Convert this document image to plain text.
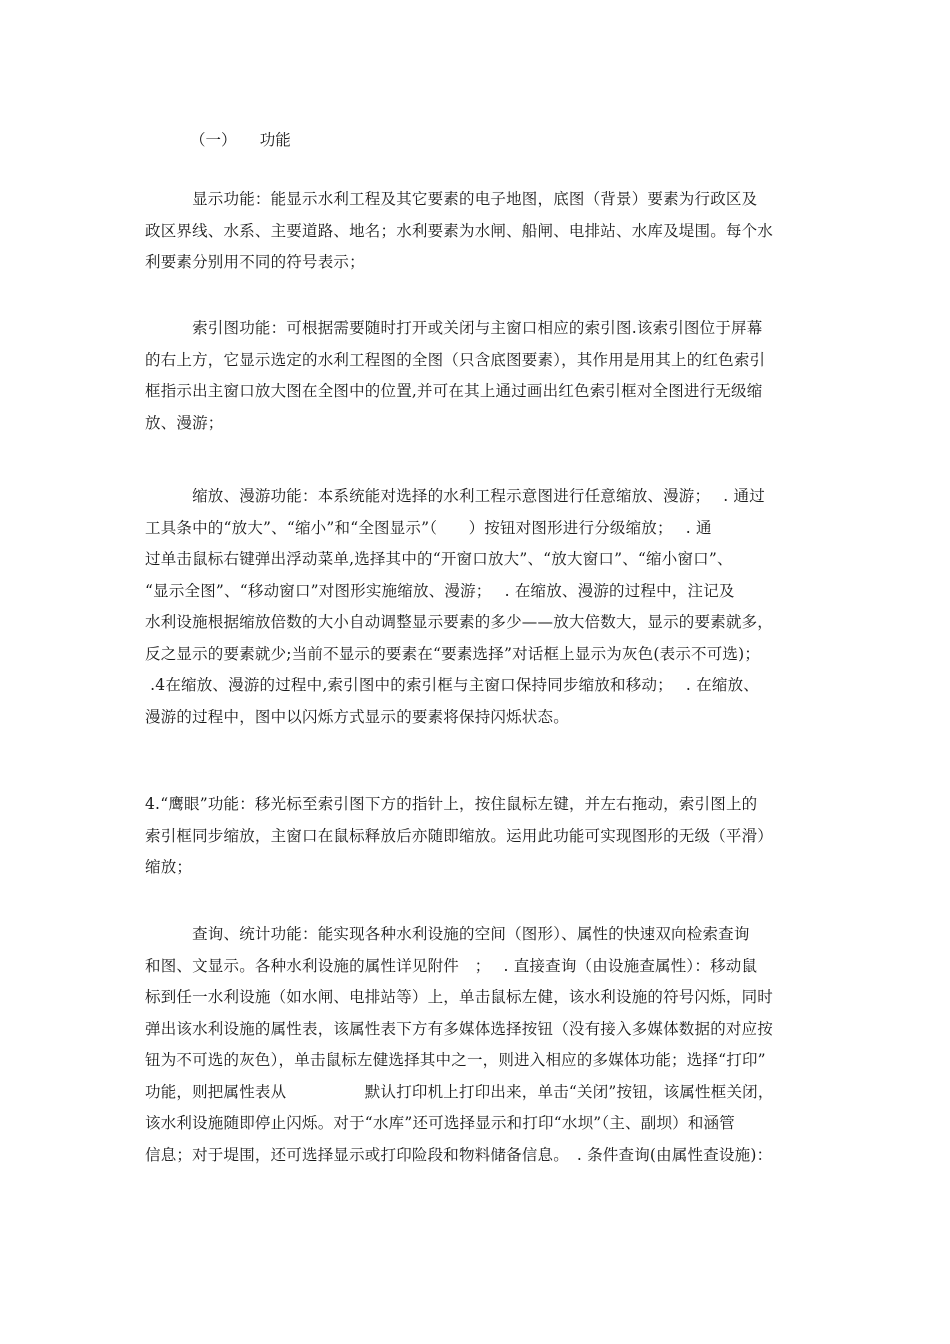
（一）　　功能
　　　显示功能：能显示水利工程及其它要素的电子地图，底图（背景）要素为行政区及
政区界线、水系、主要道路、地名；水利要素为水闸、船闸、电排站、水库及堤围。每个水
利要素分别用不同的符号表示；
　　　索引图功能：可根据需要随时打开或关闭与主窗口相应的索引图.该索引图位于屏幕
的右上方，它显示选定的水利工程图的全图（只含底图要素），其作用是用其上的红色索引
框指示出主窗口放大图在全图中的位置,并可在其上通过画出红色索引框对全图进行无级缩
放、漫游；
　　　缩放、漫游功能：本系统能对选择的水利工程示意图进行任意缩放、漫游；　 . 通过
工具条中的“放大”、“缩小”和“全图显示”（　　）按钮对图形进行分级缩放；　 . 通
过单击鼠标右键弹出浮动菜单,选择其中的“开窗口放大”、“放大窗口”、“缩小窗口”、
“显示全图”、“移动窗口”对图形实施缩放、漫游；　 . 在缩放、漫游的过程中，注记及
水利设施根据缩放倍数的大小自动调整显示要素的多少——放大倍数大，显示的要素就多，
反之显示的要素就少;当前不显示的要素在“要素选择”对话框上显示为灰色(表示不可选)；
.4在缩放、漫游的过程中,索引图中的索引框与主窗口保持同步缩放和移动；　 . 在缩放、
漫游的过程中，图中以闪烁方式显示的要素将保持闪烁状态。
4.“鹰眼”功能：移光标至索引图下方的指针上，按住鼠标左键，并左右拖动，索引图上的
索引框同步缩放，主窗口在鼠标释放后亦随即缩放。运用此功能可实现图形的无级（平滑）
缩放；
　　　查询、统计功能：能实现各种水利设施的空间（图形）、属性的快速双向检索查询
和图、文显示。各种水利设施的属性详见附件　；　 . 直接查询（由设施查属性）：移动鼠
标到任一水利设施（如水闸、电排站等）上，单击鼠标左健，该水利设施的符号闪烁，同时
弹出该水利设施的属性表，该属性表下方有多媒体选择按钮（没有接入多媒体数据的对应按
钮为不可选的灰色），单击鼠标左健选择其中之一，则进入相应的多媒体功能；选择“打印”
功能，则把属性表从　　　　　默认打印机上打印出来，单击“关闭”按钮，该属性框关闭，
该水利设施随即停止闪烁。对于“水库”还可选择显示和打印“水坝”（主、副坝）和涵管
信息；对于堤围，还可选择显示或打印险段和物料储备信息。　. 条件查询(由属性查设施)：
